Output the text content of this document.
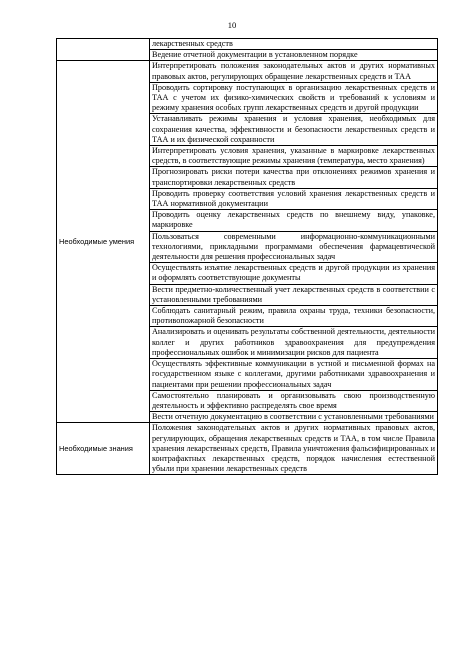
10
	лекарственных средств
	Ведение отчетной документации в установленном порядке
Необходимые умения	Интерпретировать положения законодательных актов и других нормативных правовых актов, регулирующих обращение лекарственных средств и ТАА
	Проводить сортировку поступающих в организацию лекарственных средств и ТАА с учетом их физико-химических свойств и требований к условиям и режиму хранения особых групп лекарственных средств и другой продукции
	Устанавливать режимы хранения и условия хранения, необходимых для сохранения качества, эффективности и безопасности лекарственных средств и ТАА и их физической сохранности
	Интерпретировать условия хранения, указанные в маркировке лекарственных средств, в соответствующие режимы хранения (температура, место хранения)
	Прогнозировать риски потери качества при отклонениях режимов хранения и транспортировки лекарственных средств
	Проводить проверку соответствия условий хранения лекарственных средств и ТАА нормативной документации
	Проводить оценку лекарственных средств по внешнему виду, упаковке, маркировке
	Пользоваться современными информационно-коммуникационными технологиями, прикладными программами обеспечения фармацевтической деятельности для решения профессиональных задач
	Осуществлять изъятие лекарственных средств и другой продукции из хранения и оформлять соответствующие документы
	Вести предметно-количественный учет лекарственных средств в соответствии с установленными требованиями
	Соблюдать санитарный режим, правила охраны труда, техники безопасности, противопожарной безопасности
	Анализировать и оценивать результаты собственной деятельности, деятельности коллег и других работников здравоохранения для предупреждения профессиональных ошибок и минимизации рисков для пациента
	Осуществлять эффективные коммуникации в устной и письменной формах на государственном языке с коллегами, другими работниками здравоохранения и пациентами при решении профессиональных задач
	Самостоятельно планировать и организовывать свою производственную деятельность и эффективно распределять свое время
	Вести отчетную документацию в соответствии с установленными требованиями
Необходимые знания	Положения законодательных актов и других нормативных правовых актов, регулирующих, обращения лекарственных средств и ТАА, в том числе Правила хранения лекарственных средств, Правила уничтожения фальсифицированных и контрафактных лекарственных средств, порядок начисления естественной убыли при хранении лекарственных средств
